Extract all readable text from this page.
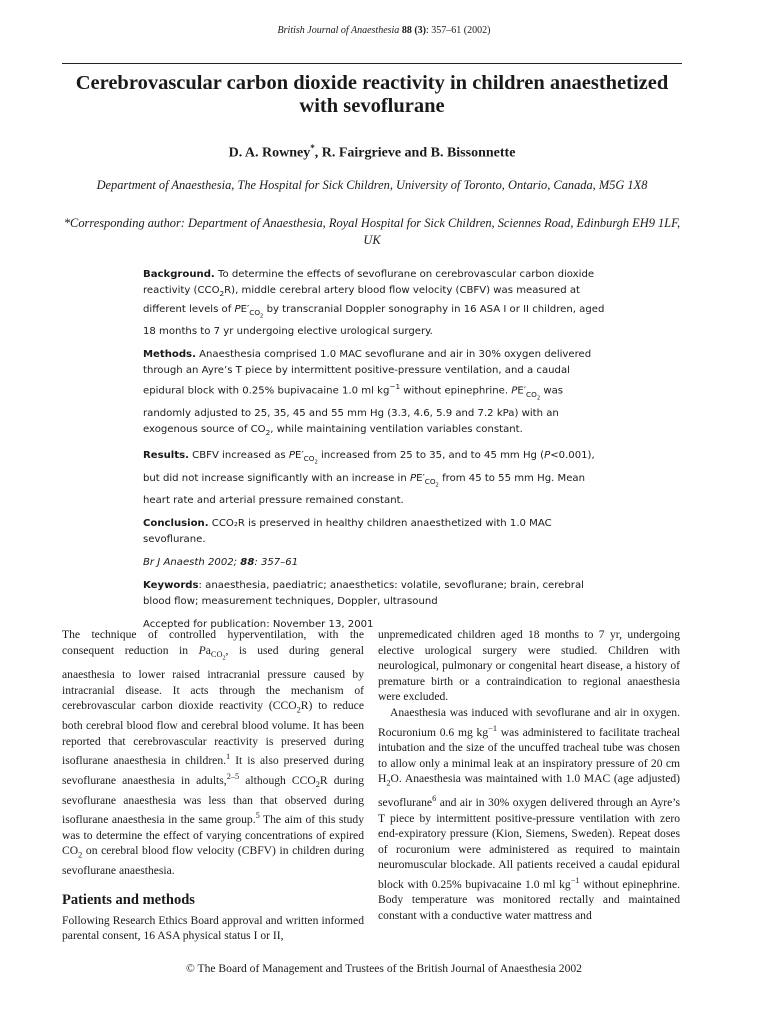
British Journal of Anaesthesia 88 (3): 357–61 (2002)
Cerebrovascular carbon dioxide reactivity in children anaesthetized with sevoflurane
D. A. Rowney*, R. Fairgrieve and B. Bissonnette
Department of Anaesthesia, The Hospital for Sick Children, University of Toronto, Ontario, Canada, M5G 1X8
*Corresponding author: Department of Anaesthesia, Royal Hospital for Sick Children, Sciennes Road, Edinburgh EH9 1LF, UK

Background. To determine the effects of sevoflurane on cerebrovascular carbon dioxide reactivity $(CCO_2R)$, middle cerebral artery blood flow velocity (CBFV) was measured at different levels of $PE'_{CO_2}$ by transcranial Doppler sonography in 16 ASA I or II children, aged 18 months to 7 yr undergoing elective urological surgery.

Methods. Anaesthesia comprised 1.0 MAC sevoflurane and air in 30% oxygen delivered through an Ayre’s T piece by intermittent positive-pressure ventilation, and a caudal epidural block with 0.25% bupivacaine 1.0 ml $kg^{-1}$ without epinephrine. $PE'_{CO_2}$ was randomly adjusted to 25, 35, 45 and 55 mm Hg (3.3, 4.6, 5.9 and 7.2 kPa) with an exogenous source of $CO_2$, while maintaining ventilation variables constant.

Results. CBFV increased as $PE'_{CO_2}$ increased from 25 to 35, and to 45 mm Hg (P<0.001), but did not increase significantly with an increase in $PE'_{CO_2}$ from 45 to 55 mm Hg. Mean heart rate and arterial pressure remained constant.

Conclusion. CCO₂R is preserved in healthy children anaesthetized with 1.0 MAC sevoflurane.

Br J Anaesth 2002; 88: 357–61

Keywords: anaesthesia, paediatric; anaesthetics: volatile, sevoflurane; brain, cerebral blood flow; measurement techniques, Doppler, ultrasound

Accepted for publication: November 13, 2001

The technique of controlled hyperventilation, with the consequent reduction in $Pa_{CO_2}$, is used during general anaesthesia to lower raised intracranial pressure caused by intracranial disease. It acts through the mechanism of cerebrovascular carbon dioxide reactivity $(CCO_2R)$ to reduce both cerebral blood flow and cerebral blood volume. It has been reported that cerebrovascular reactivity is preserved during isoflurane anaesthesia in children.$^1$ It is also preserved during sevoflurane anaesthesia in adults,$^{2-5}$ although $CCO_2R$ during sevoflurane anaesthesia was less than that observed during isoflurane anaesthesia in the same group.$^5$ The aim of this study was to determine the effect of varying concentrations of expired $CO_2$ on cerebral blood flow velocity (CBFV) in children during sevoflurane anaesthesia.

Patients and methods

Following Research Ethics Board approval and written informed parental consent, 16 ASA physical status I or II,

unpremedicated children aged 18 months to 7 yr, undergoing elective urological surgery were studied. Children with neurological, pulmonary or congenital heart disease, a history of premature birth or a contraindication to regional anaesthesia were excluded.

Anaesthesia was induced with sevoflurane and air in oxygen. Rocuronium 0.6 mg $kg^{-1}$ was administered to facilitate tracheal intubation and the size of the uncuffed tracheal tube was chosen to allow only a minimal leak at an inspiratory pressure of 20 cm $H_2O$. Anaesthesia was maintained with 1.0 MAC (age adjusted) sevoflurane$^6$ and air in 30% oxygen delivered through an Ayre’s T piece by intermittent positive-pressure ventilation with zero end-expiratory pressure (Kion, Siemens, Sweden). Repeat doses of rocuronium were administered as required to maintain neuromuscular blockade. All patients received a caudal epidural block with 0.25% bupivacaine 1.0 ml $kg^{-1}$ without epinephrine. Body temperature was monitored rectally and maintained constant with a conductive water mattress and

© The Board of Management and Trustees of the British Journal of Anaesthesia 2002
